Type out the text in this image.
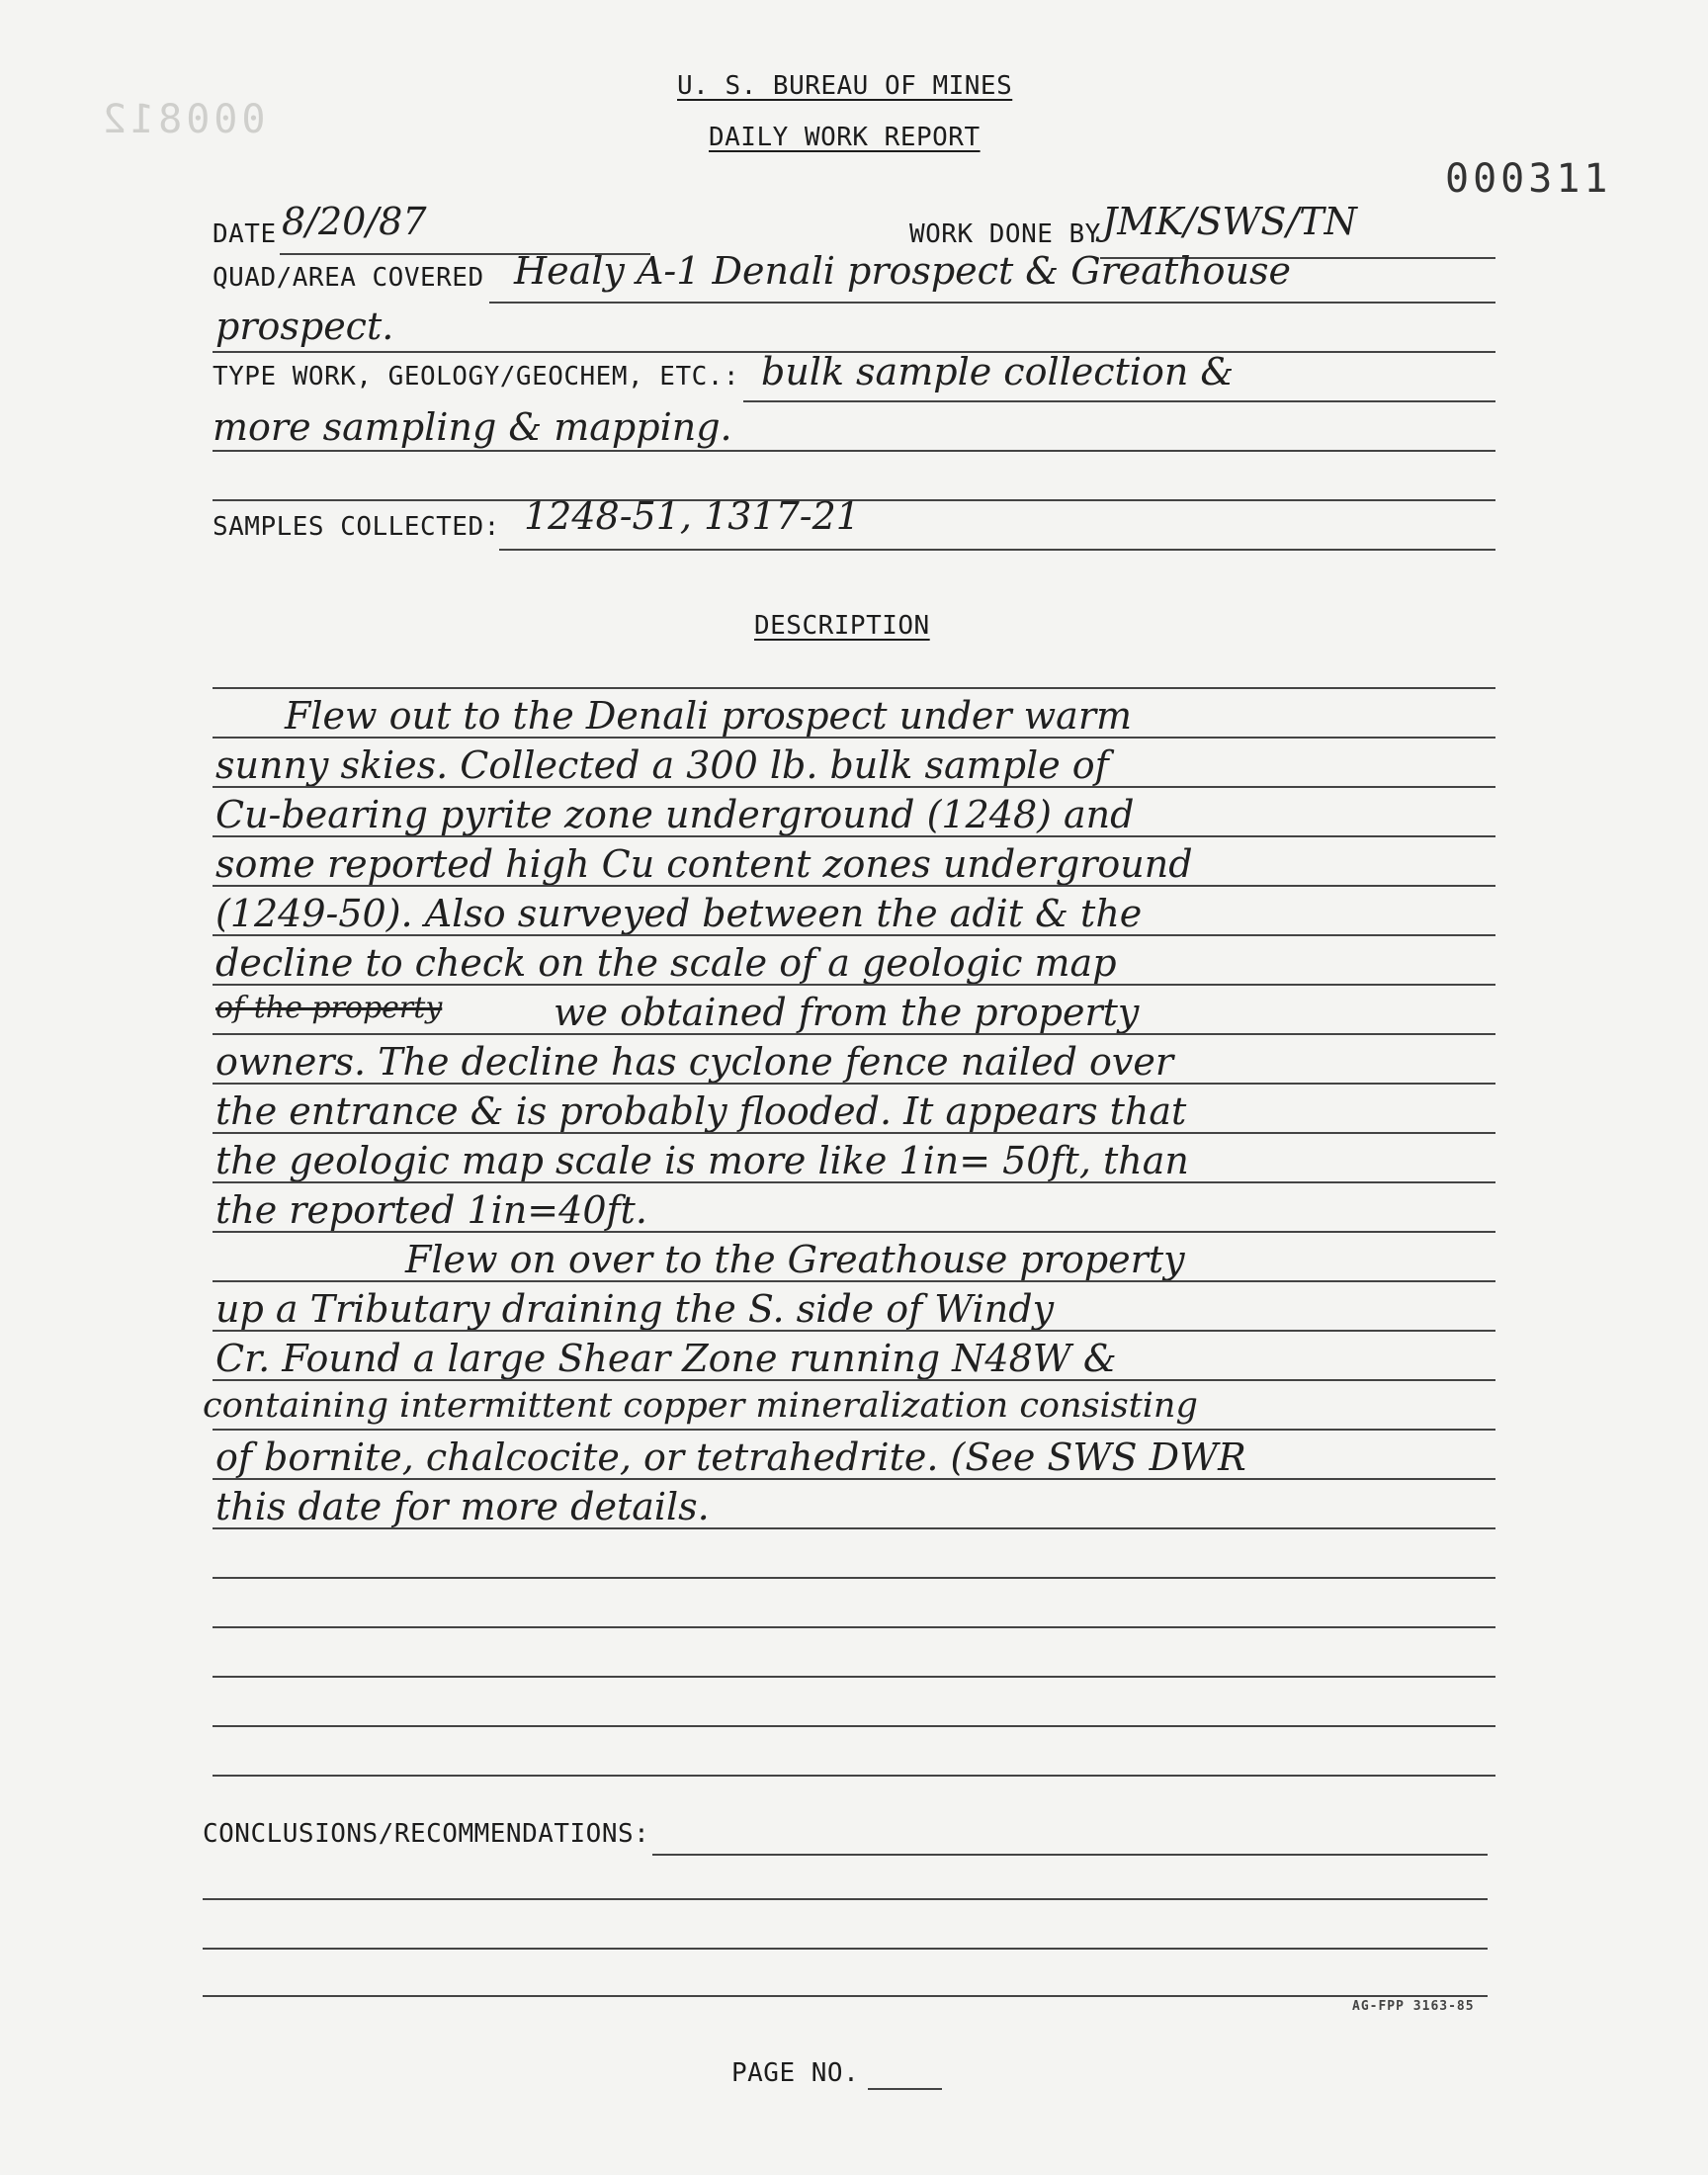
000812
U. S. BUREAU OF MINES
DAILY WORK REPORT
000311
DATE 8/20/87	WORK DONE BY JMK/SWS/TN
QUAD/AREA COVERED Healy A-1 Denali prospect & Greathouse
prospect.
TYPE WORK, GEOLOGY/GEOCHEM, ETC.: bulk sample collection &
more sampling & mapping.
SAMPLES COLLECTED: 1248-51, 1317-21
DESCRIPTION
Flew out to the Denali prospect under warm
sunny skies. Collected a 300 lb. bulk sample of
Cu-bearing pyrite zone underground (1248) and
some reported high Cu content zones underground
(1249-50). Also surveyed between the adit & the
decline to check on the scale of a geologic map
of the property	we obtained from the property
owners. The decline has cyclone fence nailed over
the entrance & is probably flooded. It appears that
the geologic map scale is more like 1in= 50ft, than
the reported 1in=40ft.
Flew on over to the Greathouse property
up a Tributary draining the S. side of Windy
Cr. Found a large Shear Zone running N48W &
containing intermittent copper mineralization consisting
of bornite, chalcocite, or tetrahedrite. (See SWS DWR
this date for more details.
CONCLUSIONS/RECOMMENDATIONS:
AG-FPP 3163-85
PAGE NO.
